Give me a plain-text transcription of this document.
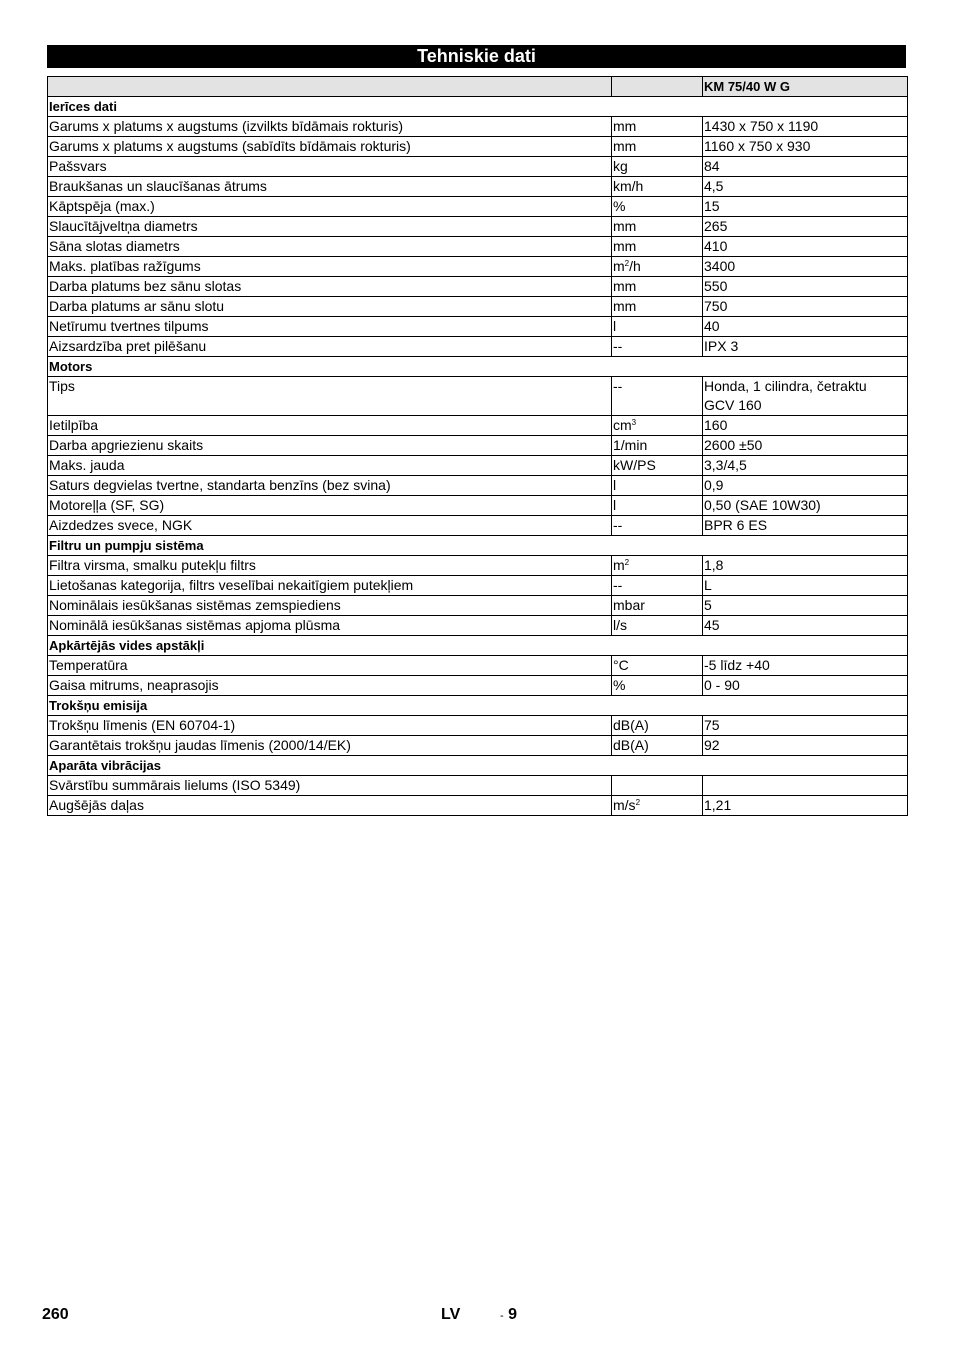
Tehniskie dati
		KM 75/40 W G
Ierīces dati		
Garums x platums x augstums (izvilkts bīdāmais rokturis)	mm	1430 x 750 x 1190

Garums x platums x augstums (sabīdīts bīdāmais rokturis)	mm	1160 x 750 x 930

Pašsvars	kg	84

Braukšanas un slaucīšanas ātrums	km/h	4,5

Kāptspēja (max.)	%	15

Slaucītājveltņa diametrs	mm	265

Sāna slotas diametrs	mm	410

Maks. platības ražīgums	$m^2/h$	3400

Darba platums bez sānu slotas	mm	550

Darba platums ar sānu slotu	mm	750

Netīrumu tvertnes tilpums	l	40

Aizsardzība pret pilēšanu	--	IPX 3

Motors		
Tips	--	Honda, 1 cilindra, četraktu
GCV 160

Ietilpība	$cm^3$	160

Darba apgriezienu skaits	1/min	2600 ±50

Maks. jauda	kW/PS	3,3/4,5

Saturs degvielas tvertne, standarta benzīns (bez svina)	l	0,9

Motoreļļa (SF, SG)	l	0,50 (SAE 10W30)

Aizdedzes svece, NGK	--	BPR 6 ES

Filtru un pumpju sistēma		
Filtra virsma, smalku putekļu filtrs	$m^2$	1,8

Lietošanas kategorija, filtrs veselībai nekaitīgiem putekļiem	--	L

Nominālais iesūkšanas sistēmas zemspiediens	mbar	5

Nominālā iesūkšanas sistēmas apjoma plūsma	l/s	45

Apkārtējās vides apstākļi		
Temperatūra	°C	-5 līdz +40

Gaisa mitrums, neaprasojis	%	0 - 90

Trokšņu emisija		
Trokšņu līmenis (EN 60704-1)	dB(A)	75

Garantētais trokšņu jaudas līmenis (2000/14/EK)	dB(A)	92

Aparāta vibrācijas		
Svārstību summārais lielums (ISO 5349)		

Augšējās daļas	$m/s^2$	1,21
260	LV	- 9
